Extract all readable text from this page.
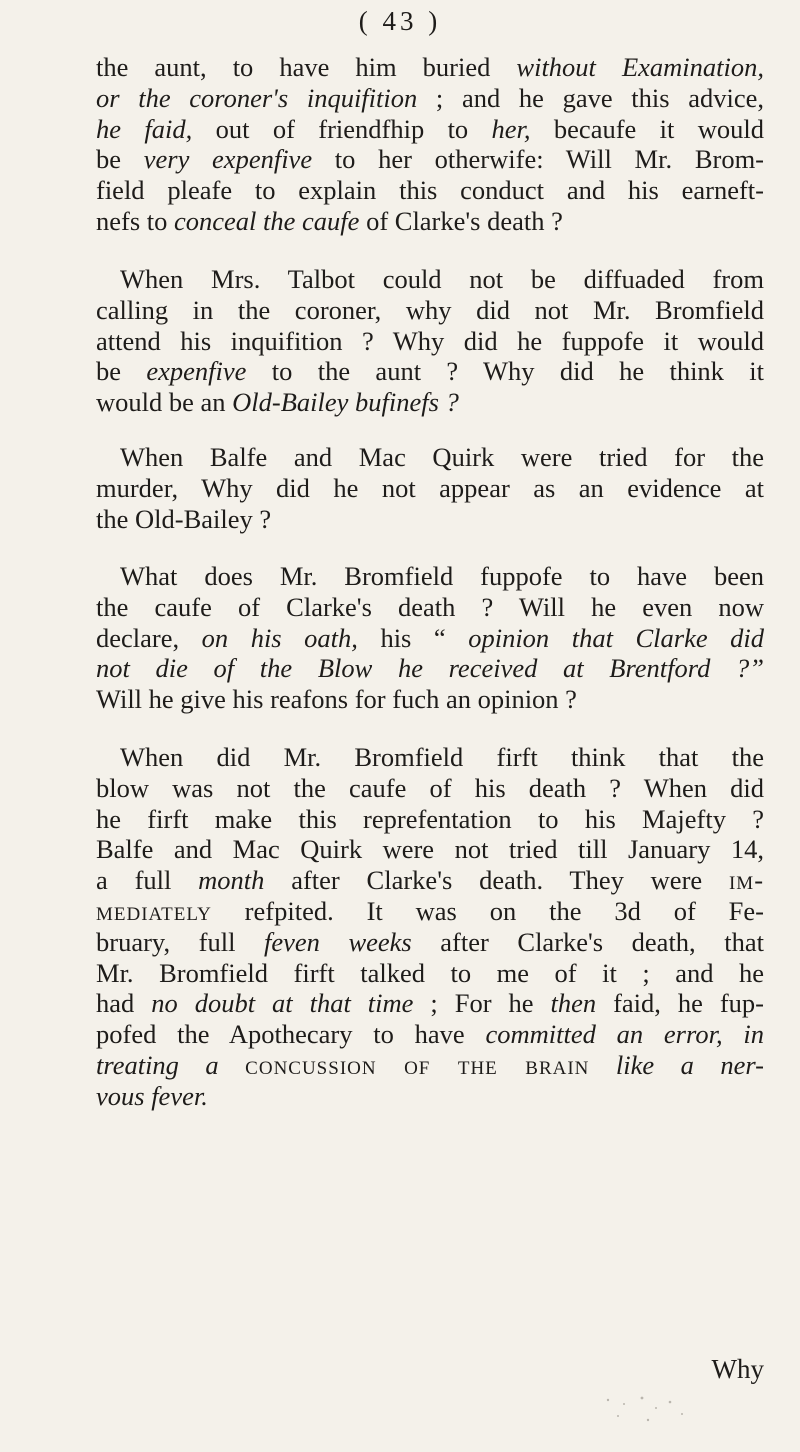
( 43 )
the aunt, to have him buried without Examination,
or the coroner's inquifition ; and he gave this advice,
he faid, out of friendfhip to her, becaufe it would
be very expenfive to her otherwife: Will Mr. Brom-
field pleafe to explain this conduct and his earneft-
nefs to conceal the caufe of Clarke's death ?
When Mrs. Talbot could not be diffuaded from
calling in the coroner, why did not Mr. Bromfield
attend his inquifition ? Why did he fuppofe it would
be expenfive to the aunt ? Why did he think it
would be an Old-Bailey bufinefs ?
When Balfe and Mac Quirk were tried for the
murder, Why did he not appear as an evidence at
the Old-Bailey ?
What does Mr. Bromfield fuppofe to have been
the caufe of Clarke's death ? Will he even now
declare, on his oath, his “ opinion that Clarke did
not die of the Blow he received at Brentford ?”
Will he give his reafons for fuch an opinion ?
When did Mr. Bromfield firft think that the
blow was not the caufe of his death ? When did
he firft make this reprefentation to his Majefty ?
Balfe and Mac Quirk were not tried till January 14,
a full month after Clarke's death. They were im-
mediately refpited. It was on the 3d of Fe-
bruary, full feven weeks after Clarke's death, that
Mr. Bromfield firft talked to me of it ; and he
had no doubt at that time ; For he then faid, he fup-
pofed the Apothecary to have committed an error, in
treating a concussion of the brain like a ner-
vous fever.
Why
